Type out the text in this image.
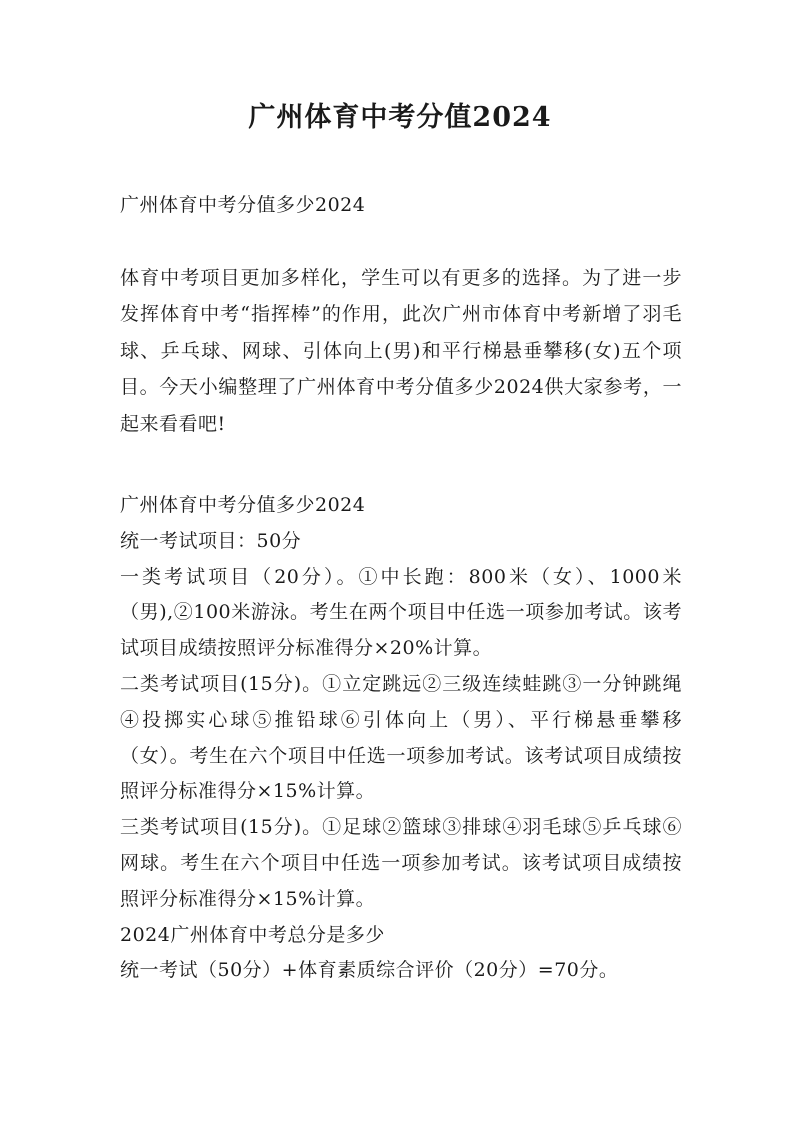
广州体育中考分值2024
广州体育中考分值多少2024

体育中考项目更加多样化，学生可以有更多的选择。为了进一步发挥体育中考“指挥棒”的作用，此次广州市体育中考新增了羽毛球、乒乓球、网球、引体向上(男)和平行梯悬垂攀移(女)五个项目。今天小编整理了广州体育中考分值多少2024供大家参考，一起来看看吧!

广州体育中考分值多少2024

统一考试项目：50分

一类考试项目（20分）。①中长跑：800米（女）、1000米（男),②100米游泳。考生在两个项目中任选一项参加考试。该考试项目成绩按照评分标准得分×20%计算。

二类考试项目(15分)。①立定跳远②三级连续蛙跳③一分钟跳绳④投掷实心球⑤推铅球⑥引体向上（男）、平行梯悬垂攀移（女）。考生在六个项目中任选一项参加考试。该考试项目成绩按照评分标准得分×15%计算。

三类考试项目(15分)。①足球②篮球③排球④羽毛球⑤乒乓球⑥网球。考生在六个项目中任选一项参加考试。该考试项目成绩按照评分标准得分×15%计算。

2024广州体育中考总分是多少

统一考试（50分）+体育素质综合评价（20分）=70分。
